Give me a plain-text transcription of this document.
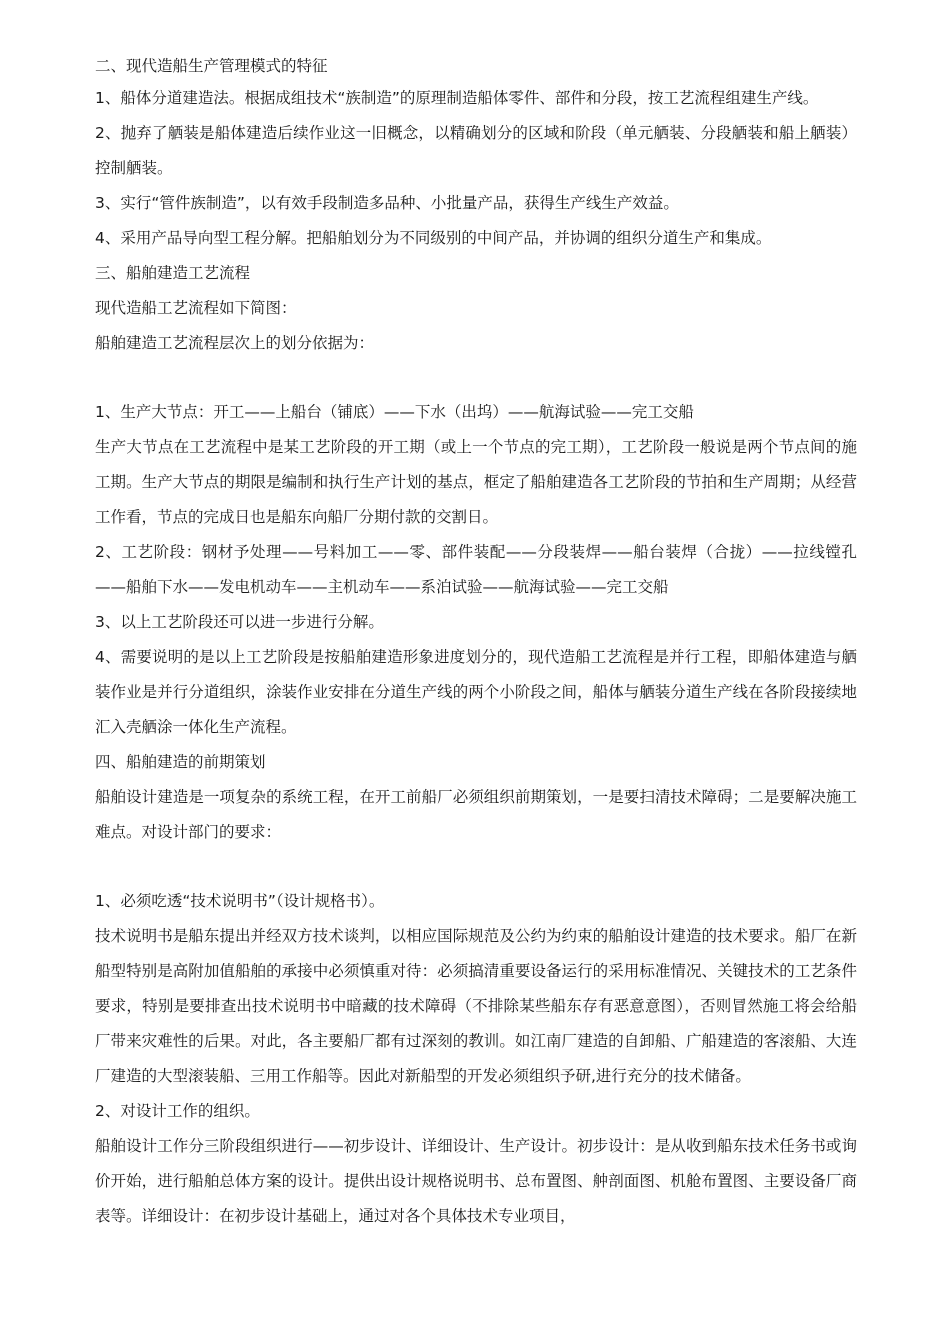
二、现代造船生产管理模式的特征

1、船体分道建造法。根据成组技术“族制造”的原理制造船体零件、部件和分段，按工艺流程组建生产线。

2、抛弃了舾装是船体建造后续作业这一旧概念，以精确划分的区域和阶段（单元舾装、分段舾装和船上舾装）控制舾装。

3、实行“管件族制造”，以有效手段制造多品种、小批量产品，获得生产线生产效益。

4、采用产品导向型工程分解。把船舶划分为不同级别的中间产品，并协调的组织分道生产和集成。

三、船舶建造工艺流程

现代造船工艺流程如下简图：

船舶建造工艺流程层次上的划分依据为：

1、生产大节点：开工——上船台（铺底）——下水（出坞）——航海试验——完工交船

生产大节点在工艺流程中是某工艺阶段的开工期（或上一个节点的完工期），工艺阶段一般说是两个节点间的施工期。生产大节点的期限是编制和执行生产计划的基点，框定了船舶建造各工艺阶段的节拍和生产周期；从经营工作看，节点的完成日也是船东向船厂分期付款的交割日。

2、工艺阶段：钢材予处理——号料加工——零、部件装配——分段装焊——船台装焊（合拢）——拉线镗孔——船舶下水——发电机动车——主机动车——系泊试验——航海试验——完工交船

3、以上工艺阶段还可以进一步进行分解。

4、需要说明的是以上工艺阶段是按船舶建造形象进度划分的，现代造船工艺流程是并行工程，即船体建造与舾装作业是并行分道组织，涂装作业安排在分道生产线的两个小阶段之间，船体与舾装分道生产线在各阶段接续地汇入壳舾涂一体化生产流程。

四、船舶建造的前期策划

船舶设计建造是一项复杂的系统工程，在开工前船厂必须组织前期策划，一是要扫清技术障碍；二是要解决施工难点。对设计部门的要求：

1、必须吃透“技术说明书”（设计规格书）。

技术说明书是船东提出并经双方技术谈判，以相应国际规范及公约为约束的船舶设计建造的技术要求。船厂在新船型特别是高附加值船舶的承接中必须慎重对待：必须搞清重要设备运行的采用标准情况、关键技术的工艺条件要求，特别是要排查出技术说明书中暗藏的技术障碍（不排除某些船东存有恶意意图），否则冒然施工将会给船厂带来灾难性的后果。对此，各主要船厂都有过深刻的教训。如江南厂建造的自卸船、广船建造的客滚船、大连厂建造的大型滚装船、三用工作船等。因此对新船型的开发必须组织予研,进行充分的技术储备。

2、对设计工作的组织。

船舶设计工作分三阶段组织进行——初步设计、详细设计、生产设计。初步设计：是从收到船东技术任务书或询价开始，进行船舶总体方案的设计。提供出设计规格说明书、总布置图、舯剖面图、机舱布置图、主要设备厂商表等。详细设计：在初步设计基础上，通过对各个具体技术专业项目，
